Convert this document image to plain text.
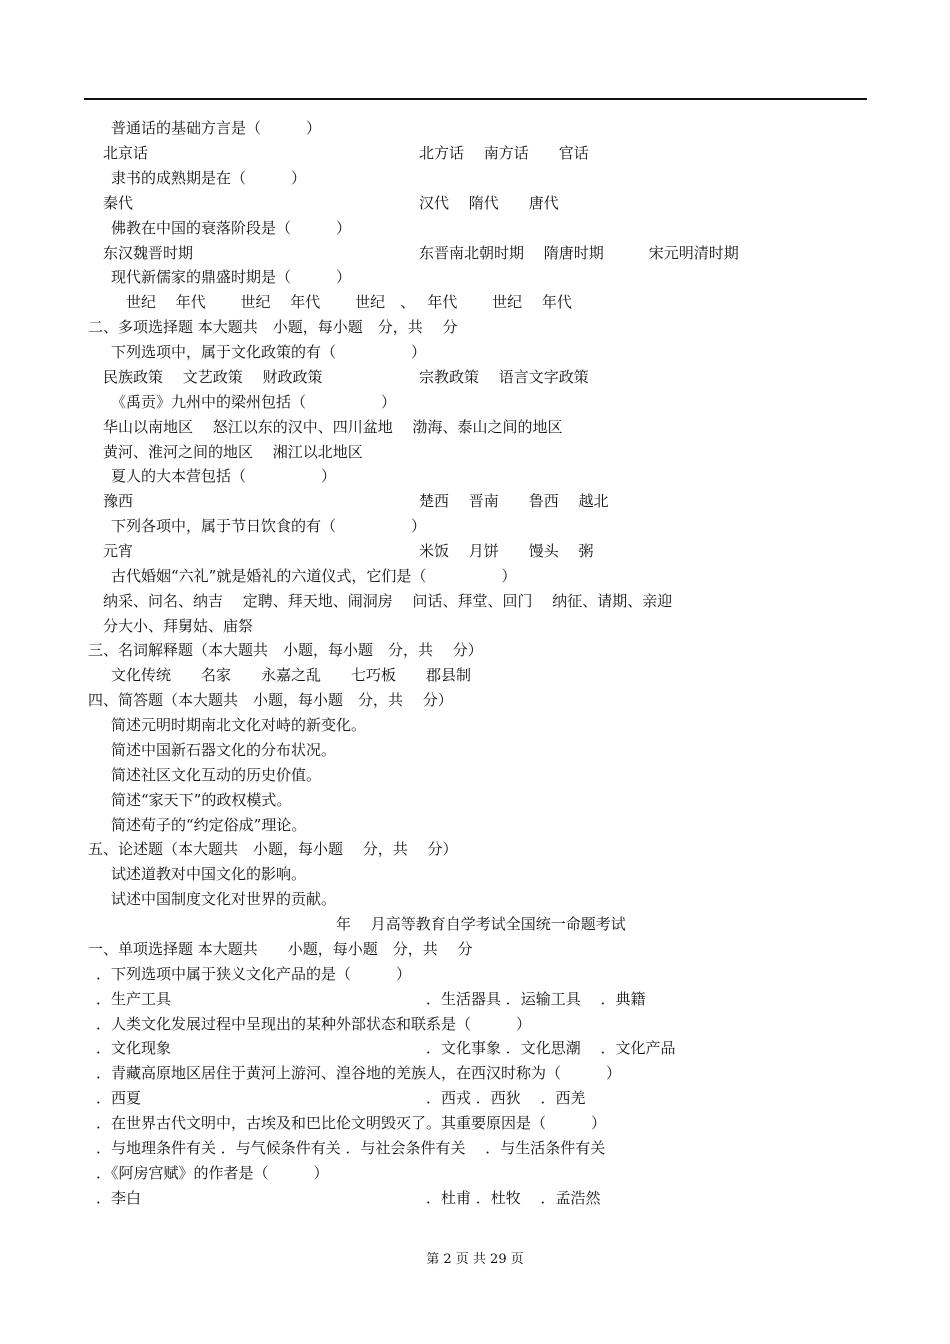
普通话的基础方言是（　　　）
北京话	北方话　 南方话　　官话
隶书的成熟期是在（　　　）
秦代	汉代　 隋代　　唐代
佛教在中国的衰落阶段是（　　　）
东汉魏晋时期	东晋南北朝时期　 隋唐时期　　　宋元明清时期
现代新儒家的鼎盛时期是（　　　）
世纪　 年代　　 世纪　 年代　　 世纪　、　 年代　　 世纪　 年代
二、多项选择题 本大题共　小题，每小题　分，共　 分
下列选项中，属于文化政策的有（　　　　　）
民族政策　 文艺政策　 财政政策	宗教政策　 语言文字政策
《禹贡》九州中的梁州包括（　　　　　）
华山以南地区　 怒江以东的汉中、四川盆地　 渤海、泰山之间的地区
黄河、淮河之间的地区　 湘江以北地区
夏人的大本营包括（　　　　　）
豫西	楚西　 晋南　　鲁西　 越北
下列各项中，属于节日饮食的有（　　　　　）
元宵	米饭　 月饼　　馒头　 粥
古代婚姻“六礼”就是婚礼的六道仪式，它们是（　　　　　）
纳采、问名、纳吉　 定聘、拜天地、闹洞房　 问话、拜堂、回门　 纳征、请期、亲迎
分大小、拜舅姑、庙祭
三、名词解释题（本大题共　小题，每小题　分，共　 分）
文化传统　　名家　　永嘉之乱　　七巧板　　郡县制
四、简答题（本大题共　小题，每小题　分，共　 分）
简述元明时期南北文化对峙的新变化。
简述中国新石器文化的分布状况。
简述社区文化互动的历史价值。
简述“家天下”的政权模式。
简述荀子的“约定俗成”理论。
五、论述题（本大题共　小题，每小题　 分，共　 分）
试述道教对中国文化的影响。
试述中国制度文化对世界的贡献。
年　 月高等教育自学考试全国统一命题考试
一、单项选择题 本大题共　　小题，每小题　分，共　 分
．下列选项中属于狭义文化产品的是（　　　）
．生产工具	．生活器具 ．运输工具　 ．典籍
．人类文化发展过程中呈现出的某种外部状态和联系是（　　　）
．文化现象	．文化事象 ．文化思潮　 ．文化产品
．青藏高原地区居住于黄河上游河、湟谷地的羌族人，在西汉时称为（　　　）
．西夏	．西戎 ．西狄　 ．西羌
．在世界古代文明中，古埃及和巴比伦文明毁灭了。其重要原因是（　　　）
．与地理条件有关 ．与气候条件有关 ．与社会条件有关　 ．与生活条件有关
．《阿房宫赋》的作者是（　　　）
．李白	．杜甫 ．杜牧　 ．孟浩然
第 2 页 共 29 页
